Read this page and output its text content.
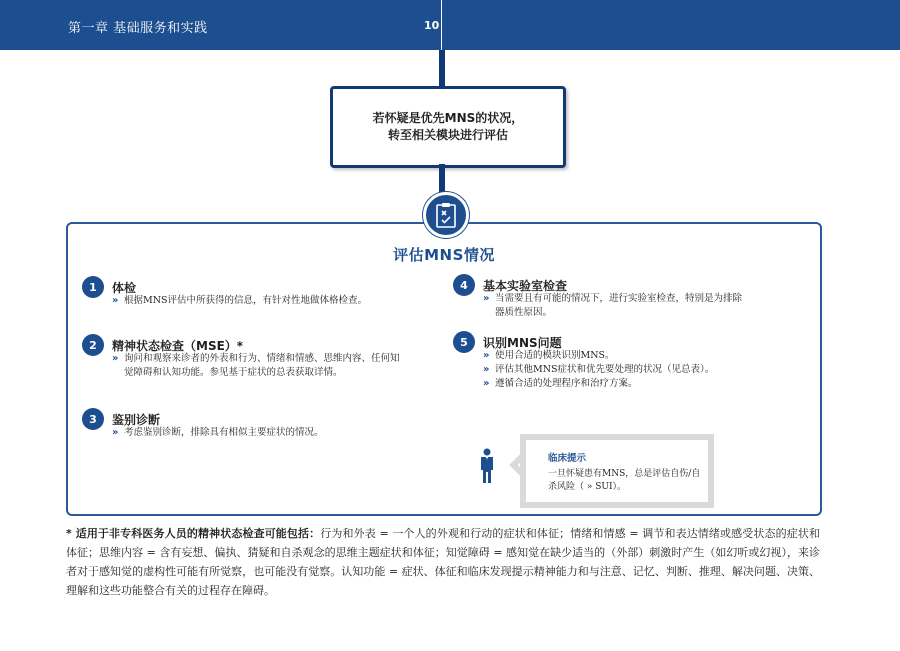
第一章 基础服务和实践	10
若怀疑是优先MNS的状况，
转至相关模块进行评估
评估MNS情况
1	体检
» 根据MNS评估中所获得的信息，有针对性地做体格检查。
2	精神状态检查（MSE）*
» 询问和观察来诊者的外表和行为、情绪和情感、思维内容、任何知觉障碍和认知功能。参见基于症状的总表获取详情。
3	鉴别诊断
» 考虑鉴别诊断，排除具有相似主要症状的情况。
4	基本实验室检查
» 当需要且有可能的情况下，进行实验室检查，特别是为排除器质性原因。
5	识别MNS问题
» 使用合适的模块识别MNS。
» 评估其他MNS症状和优先要处理的状况（见总表）。
» 遵循合适的处理程序和治疗方案。
临床提示
一旦怀疑患有MNS，总是评估自伤/自杀风险（ » SUI）。
* 适用于非专科医务人员的精神状态检查可能包括：行为和外表 = 一个人的外观和行动的症状和体征；情绪和情感 = 调节和表达情绪或感受状态的症状和体征；思维内容 = 含有妄想、偏执、猜疑和自杀观念的思维主题症状和体征；知觉障碍 = 感知觉在缺少适当的（外部）刺激时产生（如幻听或幻视），来诊者对于感知觉的虚构性可能有所觉察，也可能没有觉察。认知功能 = 症状、体征和临床发现提示精神能力和与注意、记忆、判断、推理、解决问题、决策、理解和这些功能整合有关的过程存在障碍。
